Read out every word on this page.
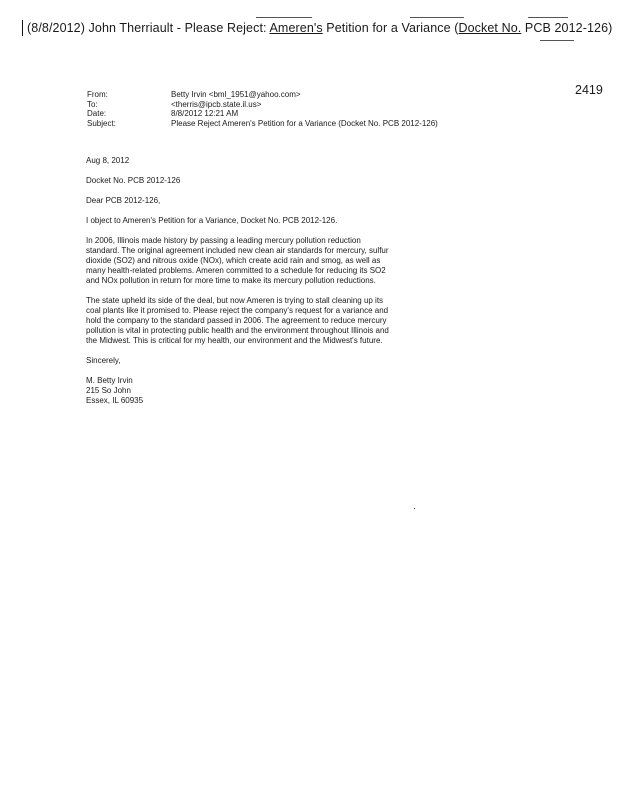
(8/8/2012) John Therriault - Please Reject: Ameren's Petition for a Variance (Docket No. PCB 2012-126)
2419
From:	Betty Irvin <bml_1951@yahoo.com>
To:	<therris@ipcb.state.il.us>
Date:	8/8/2012 12:21 AM
Subject:	Please Reject Ameren's Petition for a Variance (Docket No. PCB 2012-126)

Aug 8, 2012

Docket No. PCB 2012-126

Dear PCB 2012-126,

I object to Ameren's Petition for a Variance, Docket No. PCB 2012-126.

In 2006, Illinois made history by passing a leading mercury pollution reduction standard. The original agreement included new clean air standards for mercury, sulfur dioxide (SO2) and nitrous oxide (NOx), which create acid rain and smog, as well as many health-related problems. Ameren committed to a schedule for reducing its SO2 and NOx pollution in return for more time to make its mercury pollution reductions.

The state upheld its side of the deal, but now Ameren is trying to stall cleaning up its coal plants like it promised to. Please reject the company's request for a variance and hold the company to the standard passed in 2006. The agreement to reduce mercury pollution is vital in protecting public health and the environment throughout Illinois and the Midwest. This is critical for my health, our environment and the Midwest's future.

Sincerely,

M. Betty Irvin
215 So John
Essex, IL 60935
